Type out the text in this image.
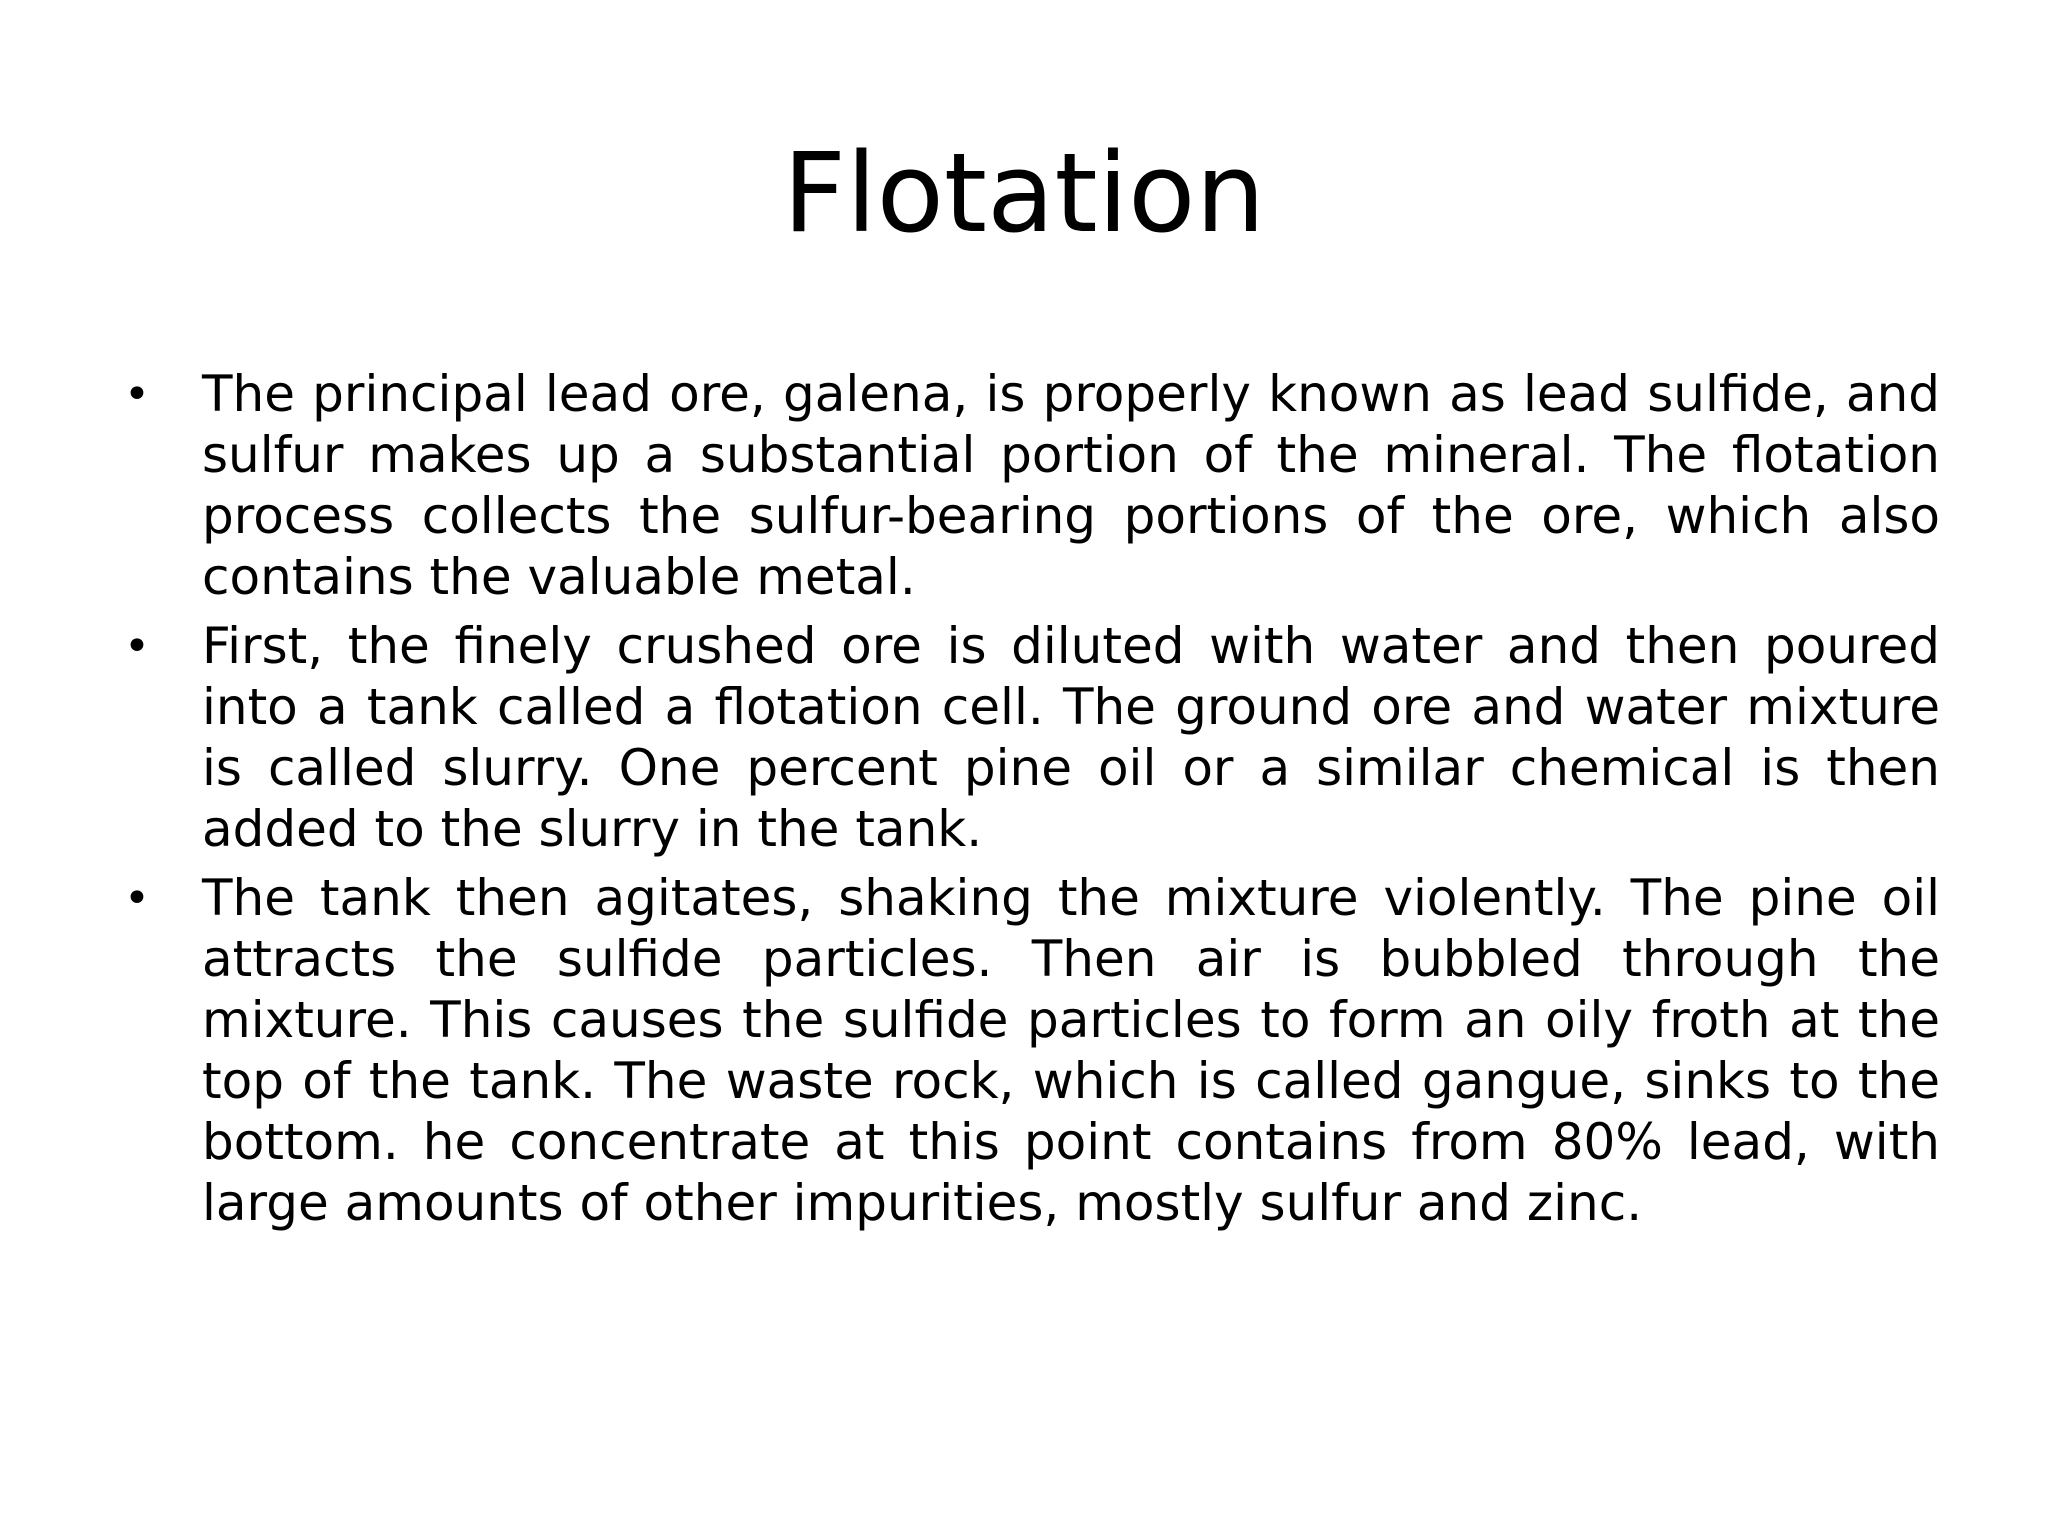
Flotation
• The principal lead ore, galena, is properly known as lead sulfide, and sulfur makes up a substantial portion of the mineral. The flotation process collects the sulfur-bearing portions of the ore, which also contains the valuable metal.
• First, the finely crushed ore is diluted with water and then poured into a tank called a flotation cell. The ground ore and water mixture is called slurry. One percent pine oil or a similar chemical is then added to the slurry in the tank.
• The tank then agitates, shaking the mixture violently. The pine oil attracts the sulfide particles. Then air is bubbled through the mixture. This causes the sulfide particles to form an oily froth at the top of the tank. The waste rock, which is called gangue, sinks to the bottom. he concentrate at this point contains from 80% lead, with large amounts of other impurities, mostly sulfur and zinc.
